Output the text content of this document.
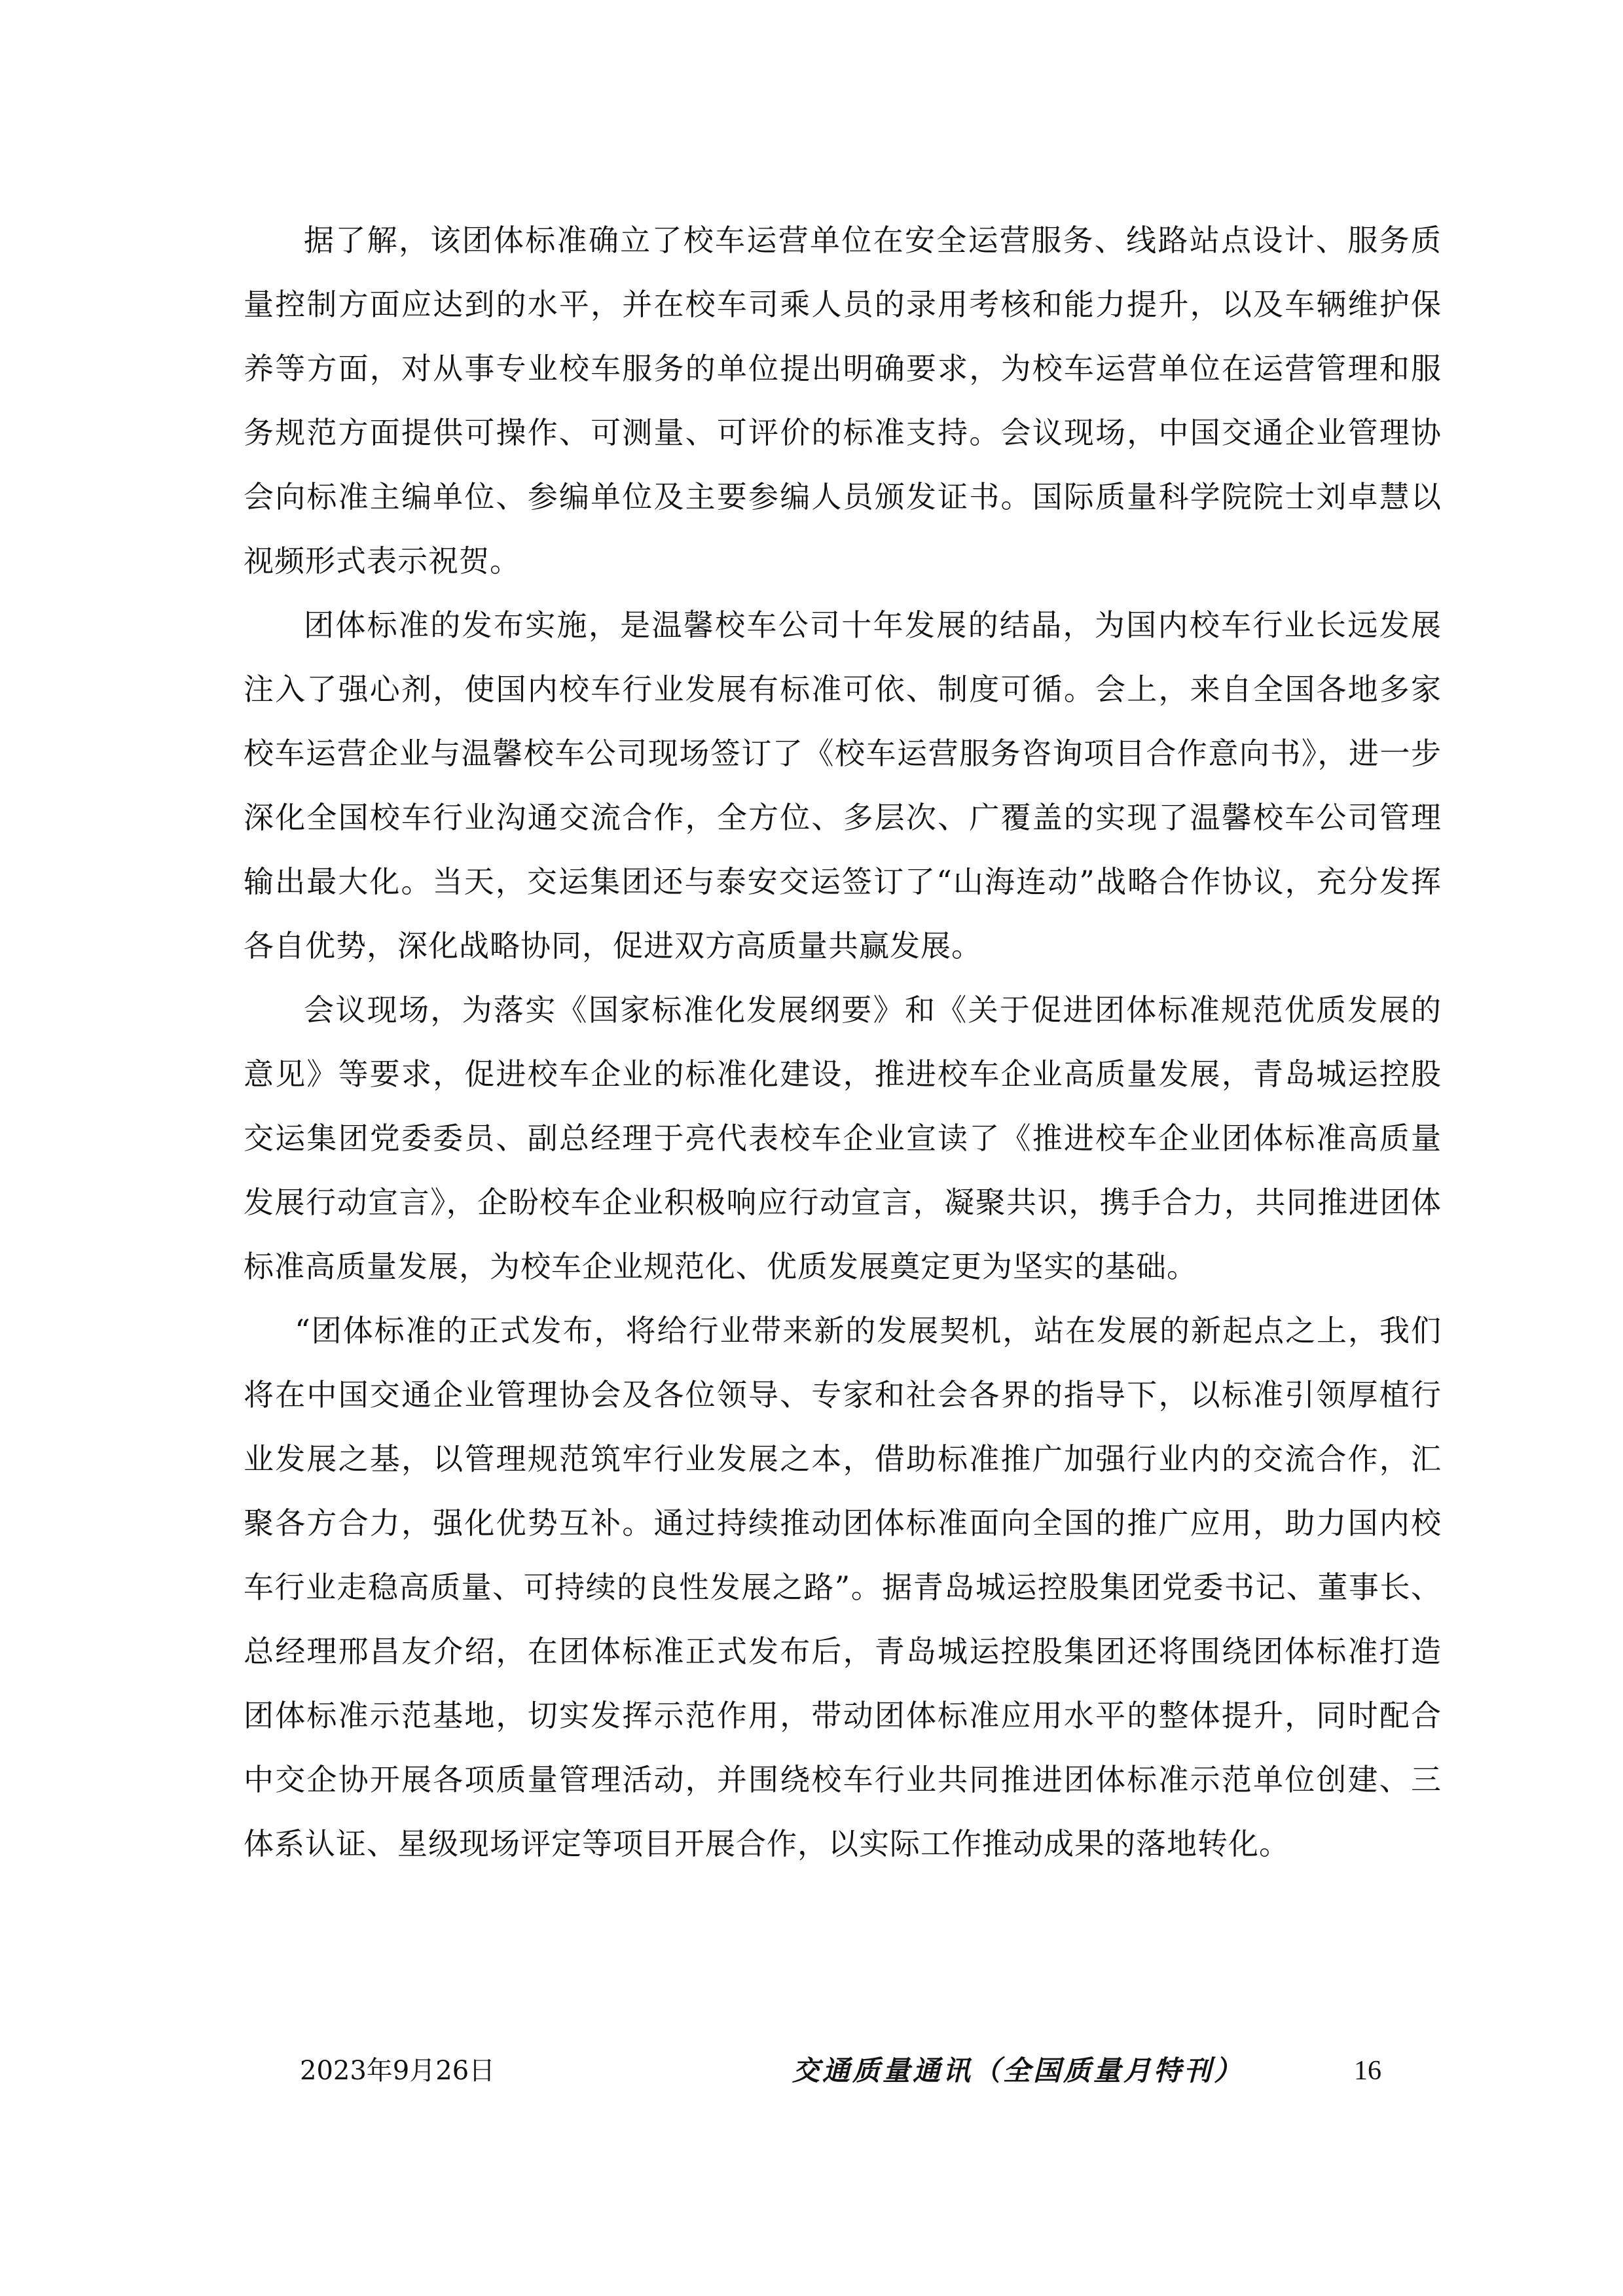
据了解，该团体标准确立了校车运营单位在安全运营服务、线路站点设计、服务质量控制方面应达到的水平，并在校车司乘人员的录用考核和能力提升，以及车辆维护保养等方面，对从事专业校车服务的单位提出明确要求，为校车运营单位在运营管理和服务规范方面提供可操作、可测量、可评价的标准支持。会议现场，中国交通企业管理协会向标准主编单位、参编单位及主要参编人员颁发证书。国际质量科学院院士刘卓慧以视频形式表示祝贺。

团体标准的发布实施，是温馨校车公司十年发展的结晶，为国内校车行业长远发展注入了强心剂，使国内校车行业发展有标准可依、制度可循。会上，来自全国各地多家校车运营企业与温馨校车公司现场签订了《校车运营服务咨询项目合作意向书》，进一步深化全国校车行业沟通交流合作，全方位、多层次、广覆盖的实现了温馨校车公司管理输出最大化。当天，交运集团还与泰安交运签订了“山海连动”战略合作协议，充分发挥各自优势，深化战略协同，促进双方高质量共赢发展。

会议现场，为落实《国家标准化发展纲要》和《关于促进团体标准规范优质发展的意见》等要求，促进校车企业的标准化建设，推进校车企业高质量发展，青岛城运控股交运集团党委委员、副总经理于亮代表校车企业宣读了《推进校车企业团体标准高质量发展行动宣言》，企盼校车企业积极响应行动宣言，凝聚共识，携手合力，共同推进团体标准高质量发展，为校车企业规范化、优质发展奠定更为坚实的基础。

“团体标准的正式发布，将给行业带来新的发展契机，站在发展的新起点之上，我们将在中国交通企业管理协会及各位领导、专家和社会各界的指导下，以标准引领厚植行业发展之基，以管理规范筑牢行业发展之本，借助标准推广加强行业内的交流合作，汇聚各方合力，强化优势互补。通过持续推动团体标准面向全国的推广应用，助力国内校车行业走稳高质量、可持续的良性发展之路”。据青岛城运控股集团党委书记、董事长、总经理邢昌友介绍，在团体标准正式发布后，青岛城运控股集团还将围绕团体标准打造团体标准示范基地，切实发挥示范作用，带动团体标准应用水平的整体提升，同时配合中交企协开展各项质量管理活动，并围绕校车行业共同推进团体标准示范单位创建、三体系认证、星级现场评定等项目开展合作，以实际工作推动成果的落地转化。

2023年9月26日	交通质量通讯（全国质量月特刊）	16
